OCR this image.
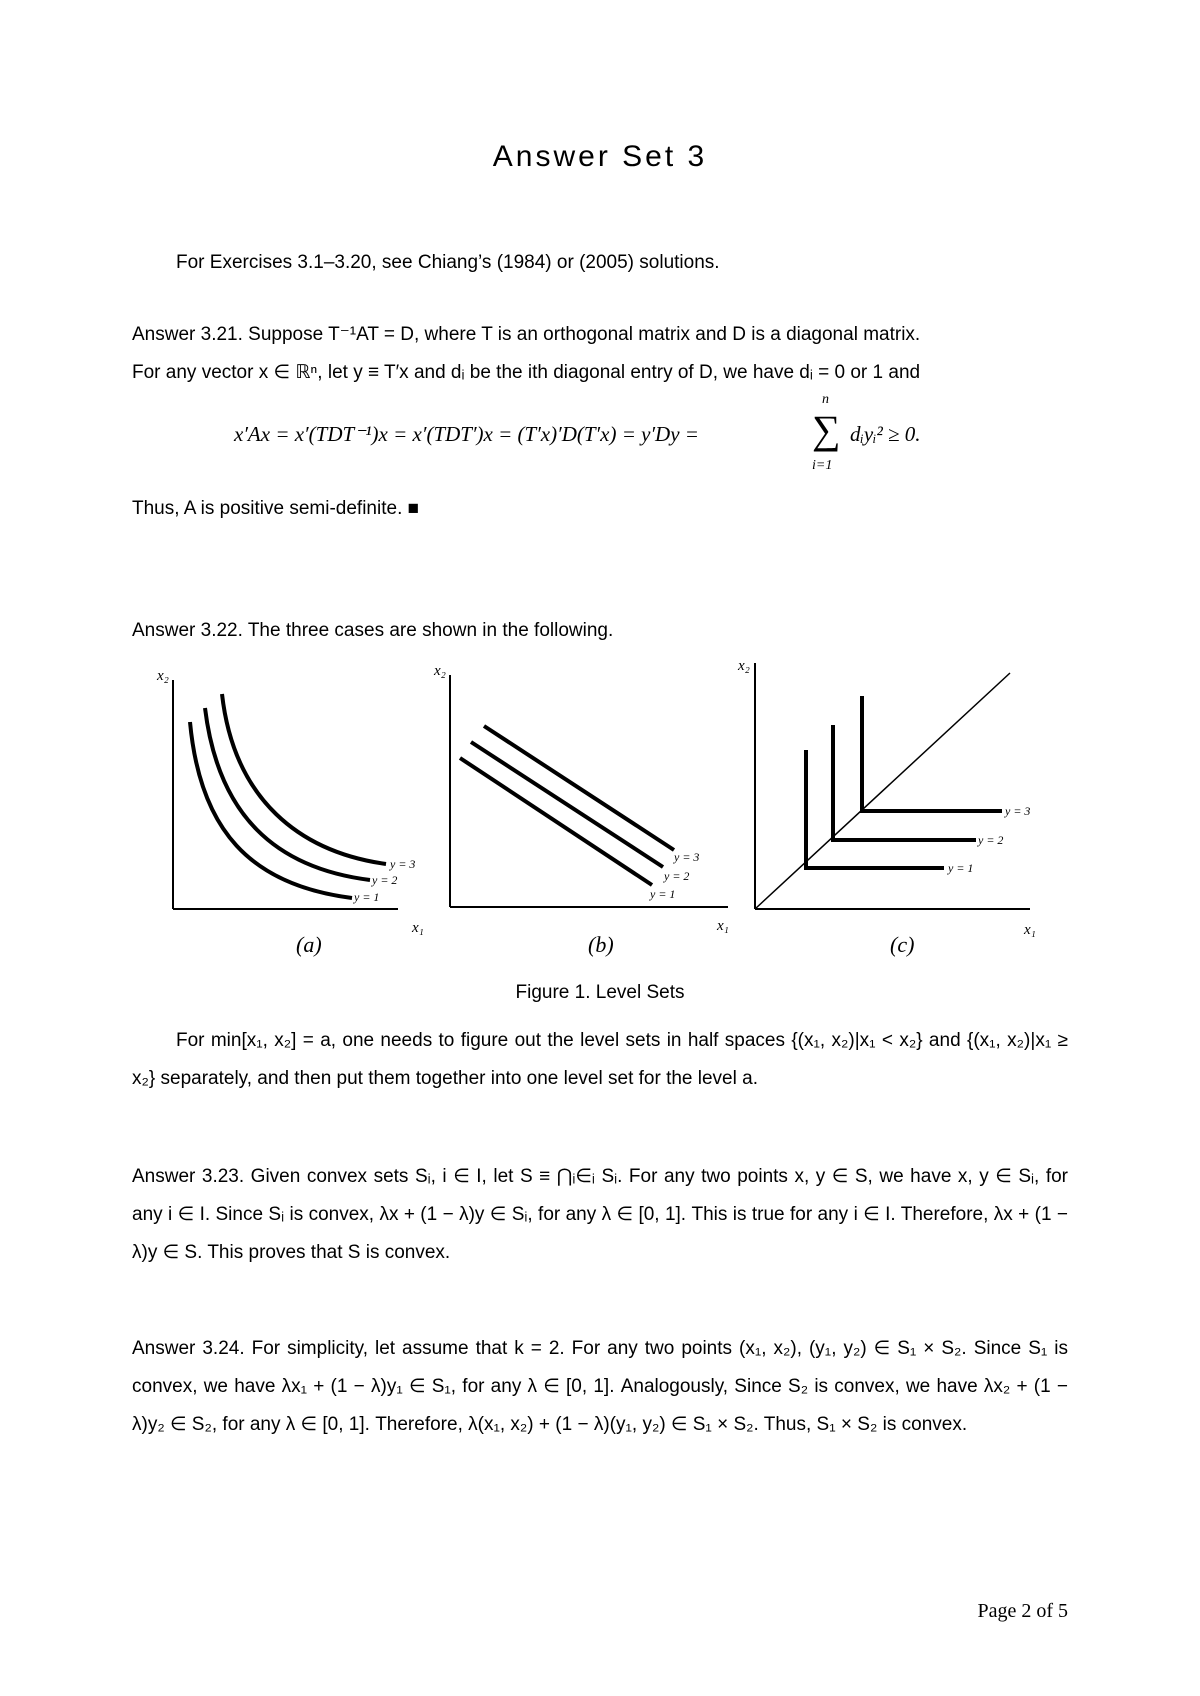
Answer Set 3
For Exercises 3.1–3.20, see Chiang’s (1984) or (2005) solutions.
Answer 3.21. Suppose T⁻¹AT = D, where T is an orthogonal matrix and D is a diagonal matrix.
For any vector x ∈ ℝⁿ, let y ≡ T′x and dᵢ be the ith diagonal entry of D, we have dᵢ = 0 or 1 and
x′Ax = x′(TDT⁻¹)x = x′(TDT′)x = (T′x)′D(T′x) = y′Dy =	∑
n
i=1
dᵢyᵢ² ≥ 0.
Thus, A is positive semi-definite. ■
Answer 3.22. The three cases are shown in the following.
x₂
x₁
x₂
x₁
x₂
x₁
y = 1
y = 2
y = 3
y = 1
y = 2
y = 3
y = 1
y = 2
y = 3
(a)	(b)	(c)
Figure 1. Level Sets
For min[x₁, x₂] = a, one needs to figure out the level sets in half spaces {(x₁, x₂)|x₁ < x₂} and {(x₁, x₂)|x₁ ≥ x₂} separately, and then put them together into one level set for the level a.
Answer 3.23. Given convex sets Sᵢ, i ∈ I, let S ≡ ⋂ᵢ∈ᵢ Sᵢ. For any two points x, y ∈ S, we have x, y ∈ Sᵢ, for any i ∈ I. Since Sᵢ is convex, λx + (1 − λ)y ∈ Sᵢ, for any λ ∈ [0, 1]. This is true for any i ∈ I. Therefore, λx + (1 − λ)y ∈ S. This proves that S is convex.
Answer 3.24. For simplicity, let assume that k = 2. For any two points (x₁, x₂), (y₁, y₂) ∈ S₁ × S₂. Since S₁ is convex, we have λx₁ + (1 − λ)y₁ ∈ S₁, for any λ ∈ [0, 1]. Analogously, Since S₂ is convex, we have λx₂ + (1 − λ)y₂ ∈ S₂, for any λ ∈ [0, 1]. Therefore, λ(x₁, x₂) + (1 − λ)(y₁, y₂) ∈ S₁ × S₂. Thus, S₁ × S₂ is convex.
Page 2 of 5
